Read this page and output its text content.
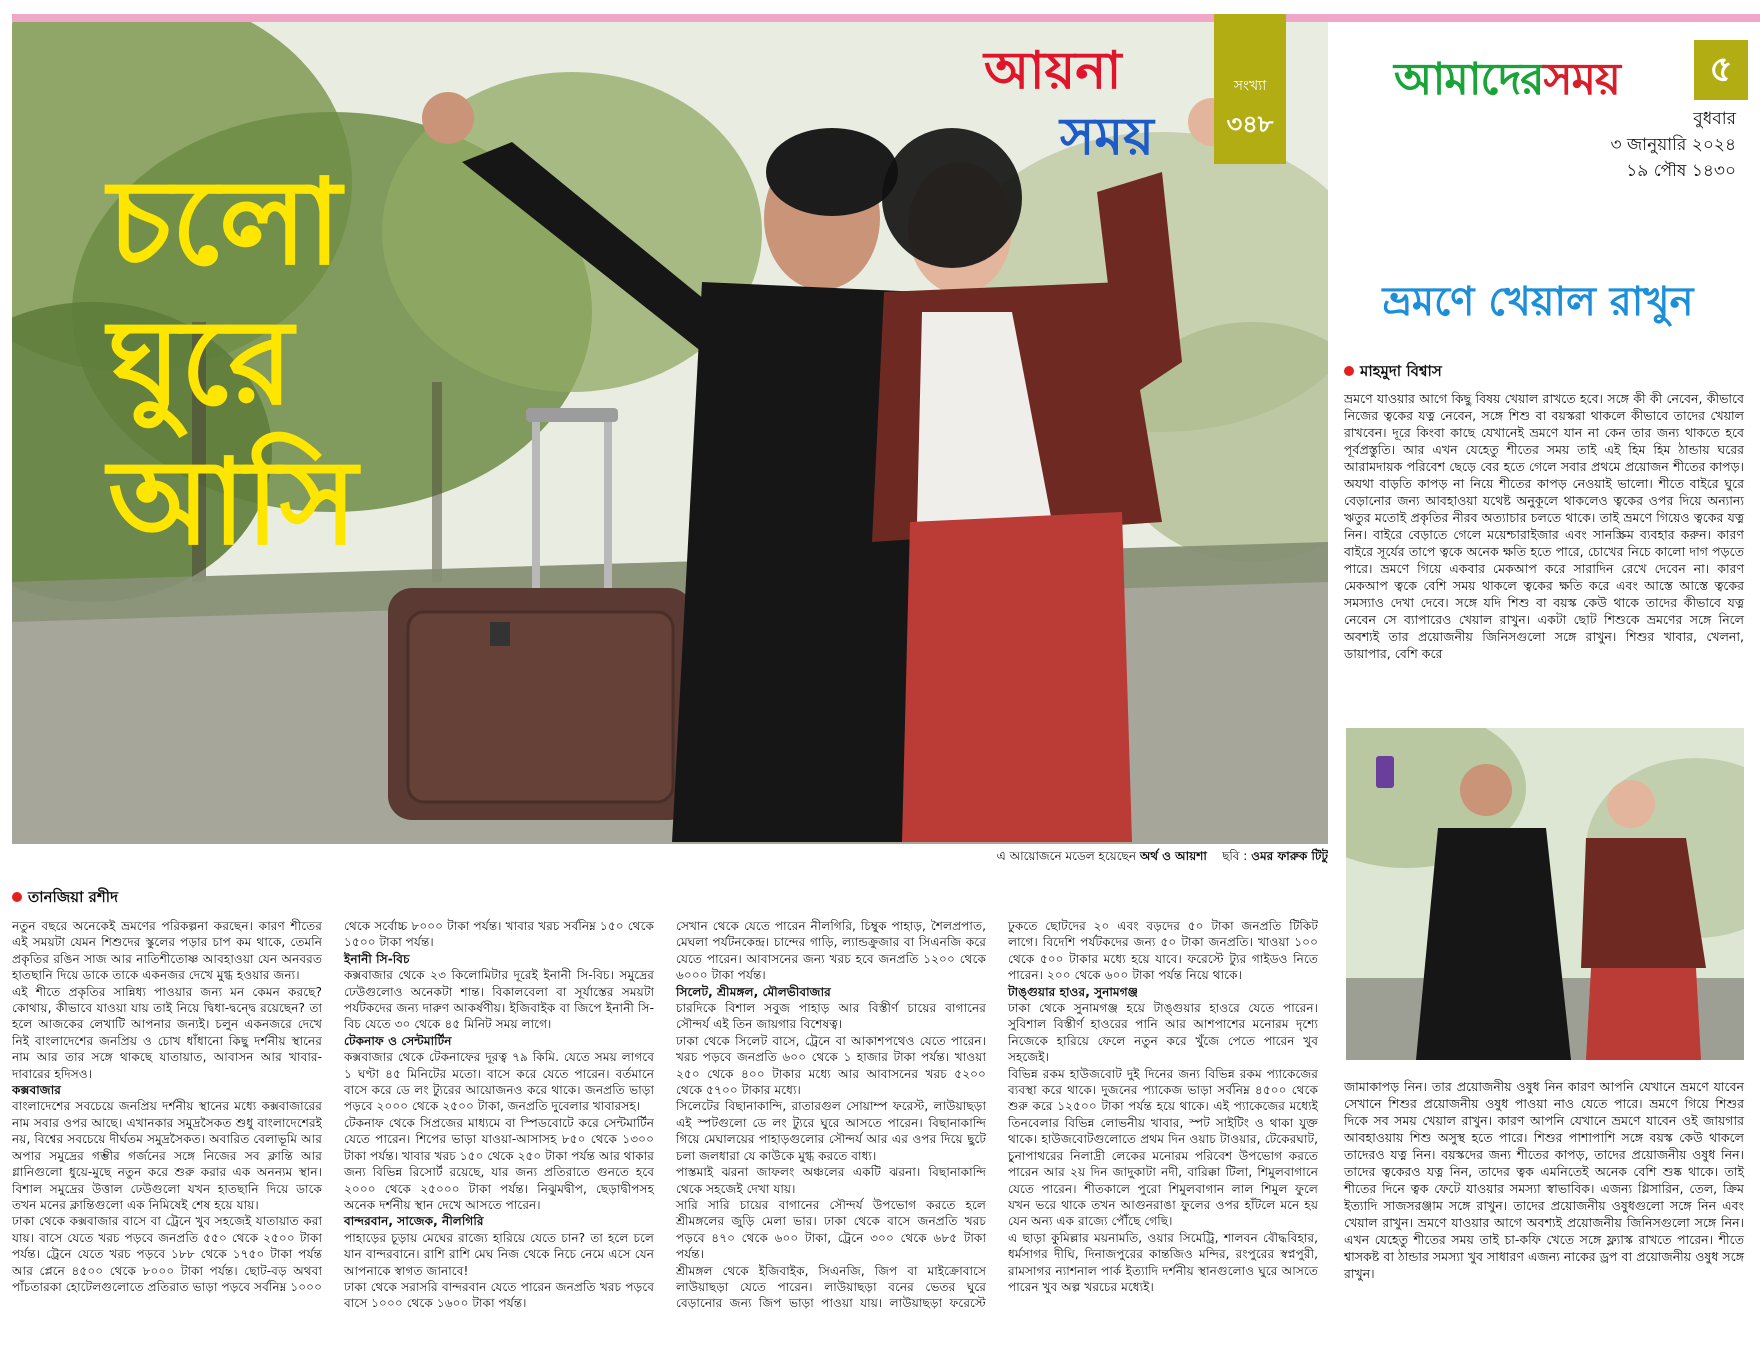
চলো
ঘুরে
আসি
এ আয়োজনে মডেল হয়েছেন অর্থ ও আয়শা ছবি : ওমর ফারুক টিটু
আয়না
সময়
সংখ্যা
৩৪৮
আমাদেরসময়	৫
বুধবার
৩ জানুয়ারি ২০২৪
১৯ পৌষ ১৪৩০
ভ্রমণে খেয়াল রাখুন
মাহমুদা বিশ্বাস

ভ্রমণে যাওয়ার আগে কিছু বিষয় খেয়াল রাখতে হবে। সঙ্গে কী কী নেবেন, কীভাবে নিজের ত্বকের যত্ন নেবেন, সঙ্গে শিশু বা বয়স্করা থাকলে কীভাবে তাদের খেয়াল রাখবেন। দূরে কিংবা কাছে যেখানেই ভ্রমণে যান না কেন তার জন্য থাকতে হবে পূর্বপ্রস্তুতি। আর এখন যেহেতু শীতের সময় তাই এই হিম হিম ঠান্ডায় ঘরের আরামদায়ক পরিবেশ ছেড়ে বের হতে গেলে সবার প্রথমে প্রয়োজন শীতের কাপড়। অযথা বাড়তি কাপড় না নিয়ে শীতের কাপড় নেওয়াই ভালো। শীতে বাইরে ঘুরে বেড়ানোর জন্য আবহাওয়া যথেষ্ট অনুকূলে থাকলেও ত্বকের ওপর দিয়ে অন্যান্য ঋতুর মতোই প্রকৃতির নীরব অত্যাচার চলতে থাকে। তাই ভ্রমণে গিয়েও ত্বকের যত্ন নিন। বাইরে বেড়াতে গেলে ময়েশ্চারাইজার এবং সানস্ক্রিম ব্যবহার করুন। কারণ বাইরে সূর্যের তাপে ত্বকে অনেক ক্ষতি হতে পারে, চোখের নিচে কালো দাগ পড়তে পারে। ভ্রমণে গিয়ে একবার মেকআপ করে সারাদিন রেখে দেবেন না। কারণ মেকআপ ত্বকে বেশি সময় থাকলে ত্বকের ক্ষতি করে এবং আস্তে আস্তে ত্বকের সমস্যাও দেখা দেবে। সঙ্গে যদি শিশু বা বয়স্ক কেউ থাকে তাদের কীভাবে যত্ন নেবেন সে ব্যাপারেও খেয়াল রাখুন। একটা ছোট শিশুকে ভ্রমণের সঙ্গে নিলে অবশ্যই তার প্রয়োজনীয় জিনিসগুলো সঙ্গে রাখুন। শিশুর খাবার, খেলনা, ডায়াপার, বেশি করে

জামাকাপড় নিন। তার প্রয়োজনীয় ওষুধ নিন কারণ আপনি যেখানে ভ্রমণে যাবেন সেখানে শিশুর প্রয়োজনীয় ওষুধ পাওয়া নাও যেতে পারে। ভ্রমণে গিয়ে শিশুর দিকে সব সময় খেয়াল রাখুন। কারণ আপনি যেখানে ভ্রমণে যাবেন ওই জায়গার আবহাওয়ায় শিশু অসুস্থ হতে পারে। শিশুর পাশাপাশি সঙ্গে বয়স্ক কেউ থাকলে তাদেরও যত্ন নিন। বয়স্কদের জন্য শীতের কাপড়, তাদের প্রয়োজনীয় ওষুধ নিন। তাদের ত্বকেরও যত্ন নিন, তাদের ত্বক এমনিতেই অনেক বেশি শুষ্ক থাকে। তাই শীতের দিনে ত্বক ফেটে যাওয়ার সমস্যা স্বাভাবিক। এজন্য গ্লিসারিন, তেল, ক্রিম ইত্যাদি সাজসরঞ্জাম সঙ্গে রাখুন। তাদের প্রয়োজনীয় ওষুধগুলো সঙ্গে নিন এবং খেয়াল রাখুন। ভ্রমণে যাওয়ার আগে অবশ্যই প্রয়োজনীয় জিনিসগুলো সঙ্গে নিন। এখন যেহেতু শীতের সময় তাই চা-কফি খেতে সঙ্গে ফ্ল্যাস্ক রাখতে পারেন। শীতে শ্বাসকষ্ট বা ঠান্ডার সমস্যা খুব সাধারণ এজন্য নাকের ড্রপ বা প্রয়োজনীয় ওষুধ সঙ্গে রাখুন।

তানজিয়া রশীদ

নতুন বছরে অনেকেই ভ্রমণের পরিকল্পনা করছেন। কারণ শীতের এই সময়টা যেমন শিশুদের স্কুলের পড়ার চাপ কম থাকে, তেমনি প্রকৃতির রঙিন সাজ আর নাতিশীতোষ্ণ আবহাওয়া যেন অনবরত হাতছানি দিয়ে ডাকে তাকে একনজর দেখে মুগ্ধ হওয়ার জন্য।

এই শীতে প্রকৃতির সান্নিধ্য পাওয়ার জন্য মন কেমন করছে? কোথায়, কীভাবে যাওয়া যায় তাই নিয়ে দ্বিধা-দ্বন্দ্বে রয়েছেন? তা হলে আজকের লেখাটি আপনার জন্যই। চলুন একনজরে দেখে নিই বাংলাদেশের জনপ্রিয় ও চোখ ধাঁধানো কিছু দর্শনীয় স্থানের নাম আর তার সঙ্গে থাকছে যাতায়াত, আবাসন আর খাবার-দাবারের হদিসও।

কক্সবাজার

বাংলাদেশের সবচেয়ে জনপ্রিয় দর্শনীয় স্থানের মধ্যে কক্সবাজারের নাম সবার ওপর আছে। এখানকার সমুদ্রসৈকত শুধু বাংলাদেশেরই নয়, বিশ্বের সবচেয়ে দীর্ঘতম সমুদ্রসৈকত। অবারিত বেলাভূমি আর অপার সমুদ্রের গম্ভীর গর্জনের সঙ্গে নিজের সব ক্লান্তি আর গ্লানিগুলো ধুয়ে-মুছে নতুন করে শুরু করার এক অনন্যম স্থান। বিশাল সমুদ্রের উত্তাল ঢেউগুলো যখন হাতছানি দিয়ে ডাকে তখন মনের ক্লান্তিগুলো এক নিমিষেই শেষ হয়ে যায়।

ঢাকা থেকে কক্সবাজার বাসে বা ট্রেনে খুব সহজেই যাতায়াত করা যায়। বাসে যেতে খরচ পড়বে জনপ্রতি ৫৫০ থেকে ২৫০০ টাকা পর্যন্ত। ট্রেনে যেতে খরচ পড়বে ১৮৮ থেকে ১৭৫০ টাকা পর্যন্ত আর প্লেনে ৪৫০০ থেকে ৮০০০ টাকা পর্যন্ত। ছোট-বড় অথবা পাঁচতারকা হোটেলগুলোতে প্রতিরাত ভাড়া পড়বে সর্বনিম্ন ১০০০ থেকে সর্বোচ্চ ৮০০০ টাকা পর্যন্ত। খাবার খরচ সর্বনিম্ন ১৫০ থেকে ১৫০০ টাকা পর্যন্ত।

ইনানী সি-বিচ

কক্সবাজার থেকে ২৩ কিলোমিটার দূরেই ইনানী সি-বিচ। সমুদ্রের ঢেউগুলোও অনেকটা শান্ত। বিকালবেলা বা সূর্যাস্তের সময়টা পর্যটকদের জন্য দারুণ আকর্ষণীয়। ইজিবাইক বা জিপে ইনানী সি-বিচ যেতে ৩০ থেকে ৪৫ মিনিট সময় লাগে।

টেকনাফ ও সেন্টমার্টিন

কক্সবাজার থেকে টেকনাফের দূরত্ব ৭৯ কিমি. যেতে সময় লাগবে ১ ঘণ্টা ৪৫ মিনিটের মতো। বাসে করে যেতে পারেন। বর্তমানে বাসে করে ডে লং ট্যুরের আয়োজনও করে থাকে। জনপ্রতি ভাড়া পড়বে ২০০০ থেকে ২৫০০ টাকা, জনপ্রতি দুবেলার খাবারসহ।

টেকনাফ থেকে সিপ্রজের মাধ্যমে বা স্পিডবোটে করে সেন্টমার্টিন যেতে পারেন। শিপের ভাড়া যাওয়া-আসাসহ ৮৫০ থেকে ১৩০০ টাকা পর্যন্ত। খাবার খরচ ১৫০ থেকে ২৫০ টাকা পর্যন্ত আর থাকার জন্য বিভিন্ন রিসোর্ট রয়েছে, যার জন্য প্রতিরাতে গুনতে হবে ২০০০ থেকে ২৫০০০ টাকা পর্যন্ত। নিঝুমদ্বীপ, ছেড়াদ্বীপসহ অনেক দর্শনীয় স্থান দেখে আসতে পারেন।

বান্দরবান, সাজেক, নীলগিরি

পাহাড়ের চূড়ায় মেঘের রাজ্যে হারিয়ে যেতে চান? তা হলে চলে যান বান্দরবানে। রাশি রাশি মেঘ নিজ থেকে নিচে নেমে এসে যেন আপনাকে স্বাগত জানাবে!

ঢাকা থেকে সরাসরি বান্দরবান যেতে পারেন জনপ্রতি খরচ পড়বে বাসে ১০০০ থেকে ১৬০০ টাকা পর্যন্ত।

সেখান থেকে যেতে পারেন নীলগিরি, চিম্বুক পাহাড়, শৈলপ্রপাত, মেঘলা পর্যটনকেন্দ্র। চান্দের গাড়ি, ল্যান্ডক্রুজার বা সিএনজি করে যেতে পারেন। আবাসনের জন্য খরচ হবে জনপ্রতি ১২০০ থেকে ৬০০০ টাকা পর্যন্ত।

সিলেট, শ্রীমঙ্গল, মৌলভীবাজার

চারদিকে বিশাল সবুজ পাহাড় আর বিস্তীর্ণ চায়ের বাগানের সৌন্দর্য এই তিন জায়গার বিশেষত্ব।

ঢাকা থেকে সিলেট বাসে, ট্রেনে বা আকাশপথেও যেতে পারেন। খরচ পড়বে জনপ্রতি ৬০০ থেকে ১ হাজার টাকা পর্যন্ত। খাওয়া ২৫০ থেকে ৪০০ টাকার মধ্যে আর আবাসনের খরচ ৫২০০ থেকে ৫৭০০ টাকার মধ্যে।

সিলেটের বিছানাকান্দি, রাতারগুল সোয়াম্প ফরেস্ট, লাউয়াছড়া এই স্পটগুলো ডে লং ট্যুরে ঘুরে আসতে পারেন। বিছানাকান্দি গিয়ে মেঘালয়ের পাহাড়গুলোর সৌন্দর্য আর এর ওপর দিয়ে ছুটে চলা জলধারা যে কাউকে মুগ্ধ করতে বাধ্য।

পাস্তমাই ঝরনা জাফলং অঞ্চলের একটি ঝরনা। বিছানাকান্দি থেকে সহজেই দেখা যায়।

সারি সারি চায়ের বাগানের সৌন্দর্য উপভোগ করতে হলে শ্রীমঙ্গলের জুড়ি মেলা ভার। ঢাকা থেকে বাসে জনপ্রতি খরচ পড়বে ৪৭০ থেকে ৬০০ টাকা, ট্রেনে ৩০০ থেকে ৬৮৫ টাকা পর্যন্ত।

শ্রীমঙ্গল থেকে ইজিবাইক, সিএনজি, জিপ বা মাইক্রোবাসে লাউয়াছড়া যেতে পারেন। লাউয়াছড়া বনের ভেতর ঘুরে বেড়ানোর জন্য জিপ ভাড়া পাওয়া যায়। লাউয়াছড়া ফরেস্টে ঢুকতে ছোটদের ২০ এবং বড়দের ৫০ টাকা জনপ্রতি টিকিট লাগে। বিদেশি পর্যটকদের জন্য ৫০ টাকা জনপ্রতি। খাওয়া ১০০ থেকে ৫০০ টাকার মধ্যে হয়ে যাবে। ফরেস্টে ট্যুর গাইডও নিতে পারেন। ২০০ থেকে ৬০০ টাকা পর্যন্ত নিয়ে থাকে।

টাঙ্গুয়ার হাওর, সুনামগঞ্জ

ঢাকা থেকে সুনামগঞ্জ হয়ে টাঙ্গুয়ার হাওরে যেতে পারেন। সুবিশাল বিস্তীর্ণ হাওরের পানি আর আশপাশের মনোরম দৃশ্যে নিজেকে হারিয়ে ফেলে নতুন করে খুঁজে পেতে পারেন খুব সহজেই।

বিভিন্ন রকম হাউজবোট দুই দিনের জন্য বিভিন্ন রকম প্যাকেজের ব্যবস্থা করে থাকে। দুজনের প্যাকেজ ভাড়া সর্বনিম্ন ৪৫০০ থেকে শুরু করে ১২৫০০ টাকা পর্যন্ত হয়ে থাকে। এই প্যাকেজের মধ্যেই তিনবেলার বিভিন্ন লোভনীয় খাবার, স্পট সাইটিং ও থাকা যুক্ত থাকে। হাউজবোটগুলোতে প্রথম দিন ওয়াচ টাওয়ার, টেকেরঘাট, চুনাপাথরের নিলাদ্রী লেকের মনোরম পরিবেশ উপভোগ করতে পারেন আর ২য় দিন জাদুকাটা নদী, বারিক্কা টিলা, শিমুলবাগানে যেতে পারেন। শীতকালে পুরো শিমুলবাগান লাল শিমুল ফুলে যখন ভরে থাকে তখন আগুনরাঙা ফুলের ওপর হাঁটলে মনে হয় যেন অন্য এক রাজ্যে পৌঁছে গেছি।

এ ছাড়া কুমিল্লার ময়নামতি, ওয়ার সিমেট্রি, শালবন বৌদ্ধবিহার, ধর্মসাগর দীঘি, দিনাজপুরের কান্তজিও মন্দির, রংপুরের স্বপ্নপুরী, রামসাগর ন্যাশনাল পার্ক ইত্যাদি দর্শনীয় স্থানগুলোও ঘুরে আসতে পারেন খুব অল্প খরচের মধ্যেই।
